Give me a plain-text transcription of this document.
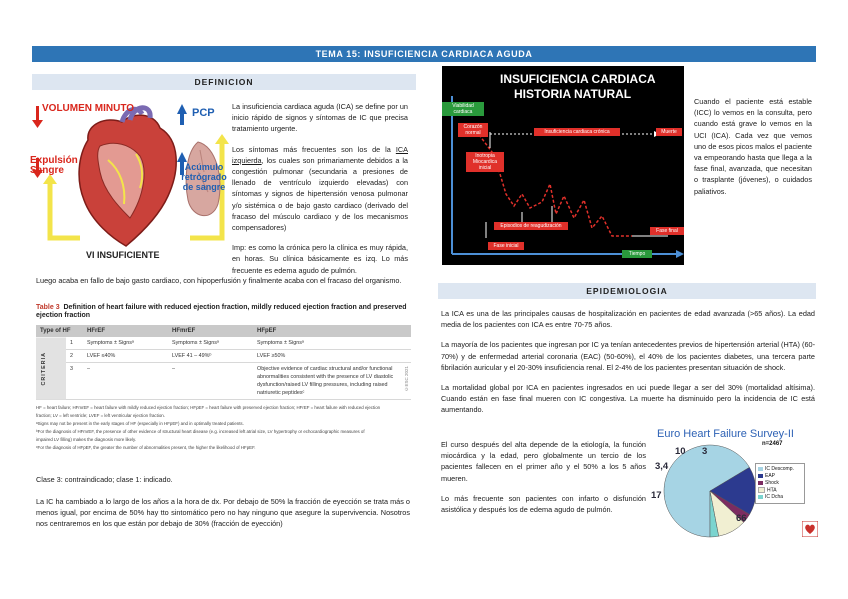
TEMA 15: INSUFICIENCIA CARDIACA AGUDA
DEFINICION
VOLUMEN MINUTO
Expulsión Sangre
PCP
Acúmulo retrógrado de sangre
VI INSUFICIENTE

La insuficiencia cardiaca aguda (ICA) se define por un inicio rápido de signos y síntomas de IC que precisa tratamiento urgente.

Los síntomas más frecuentes son los de la ICA izquierda, los cuales son primariamente debidos a la congestión pulmonar (secundaria a presiones de llenado de ventrículo izquierdo elevadas) con síntomas y signos de hipertensión venosa pulmonar y/o sistémica o de bajo gasto cardiaco (derivado del fracaso del músculo cardiaco y de los mecanismos compensadores)

Imp: es como la crónica pero la clínica es muy rápida, en horas. Su clínica básicamente es izq. Lo más frecuente es edema agudo de pulmón.

Luego acaba en fallo de bajo gasto cardiaco, con hipoperfusión y finalmente acaba con el fracaso del organismo.
Table 3 Definition of heart failure with reduced ejection fraction, mildly reduced ejection fraction and preserved ejection fraction
Type of HF		HFrEF	HFmrEF	HFpEF
CRITERIA	1	Symptoms ± Signsᵃ	Symptoms ± Signsᵃ	Symptoms ± Signsᵃ
	2	LVEF ≤40%	LVEF 41 – 49%ᵇ	LVEF ≥50%
	3	–	–	Objective evidence of cardiac structural and/or functional abnormalities consistent with the presence of LV diastolic dysfunction/raised LV filling pressures, including raised natriuretic peptidesᶜ
©ESC 2021
HF = heart failure; HFmrEF = heart failure with mildly reduced ejection fraction; HFpEF = heart failure with preserved ejection fraction; HFrEF = heart failure with reduced ejection
fraction; LV = left ventricle; LVEF = left ventricular ejection fraction.
ᵃSigns may not be present in the early stages of HF (especially in HFpEF) and in optimally treated patients.
ᵇFor the diagnosis of HFmrEF, the presence of other evidence of structural heart disease (e.g. increased left atrial size, LV hypertrophy or echocardiographic measures of
impaired LV filling) makes the diagnosis more likely.
ᶜFor the diagnosis of HFpEF, the greater the number of abnormalities present, the higher the likelihood of HFpEF.
Clase 3: contraindicado; clase 1: indicado.
La IC ha cambiado a lo largo de los años a la hora de dx. Por debajo de 50% la fracción de eyección se trata más o menos igual, por encima de 50% hay tto sintomático pero no hay ninguno que asegure la supervivencia. Nosotros nos centraremos en los que están por debajo de 30% (fracción de eyección)
INSUFICIENCIA CARDIACA
HISTORIA NATURAL
Viabilidad cardiaca
Corazón normal
Inotropia Miocardica inicial
Insuficiencia cardiaca crónica	Muerte
Episodios de reagudización
Fase final
Fase inicial
Tiempo
Cuando el paciente está estable (ICC) lo vemos en la consulta, pero cuando está grave lo vemos en la UCI (ICA). Cada vez que vemos uno de esos picos malos el paciente va empeorando hasta que llega a la fase final, avanzada, que necesitan o trasplante (jóvenes), o cuidados paliativos.
EPIDEMIOLOGIA

La ICA es una de las principales causas de hospitalización en pacientes de edad avanzada (>65 años). La edad media de los pacientes con ICA es entre 70-75 años.

La mayoría de los pacientes que ingresan por IC ya tenían antecedentes previos de hipertensión arterial (HTA) (60-70%) y de enfermedad arterial coronaria (EAC) (50-60%), el 40% de los pacientes diabetes, una tercera parte fibrilación auricular y el 20-30% insuficiencia renal. El 2-4% de los pacientes presentan situación de shock.

La mortalidad global por ICA en pacientes ingresados en uci puede llegar a ser del 30% (mortalidad altísima). Cuando están en fase final mueren con IC congestiva. La muerte ha disminuido pero la incidencia de IC está aumentando.

El curso después del alta depende de la etiología, la función miocárdica y la edad, pero globalmente un tercio de los pacientes fallecen en el primer año y el 50% a los 5 años mueren.

Lo más frecuente son pacientes con infarto o disfunción asistólica y después los de edema agudo de pulmón.

Euro Heart Failure Survey-II
n=2467
66
17
3,4
10 3
IC Descomp.
EAP
Shock
HTA
IC Dcha
